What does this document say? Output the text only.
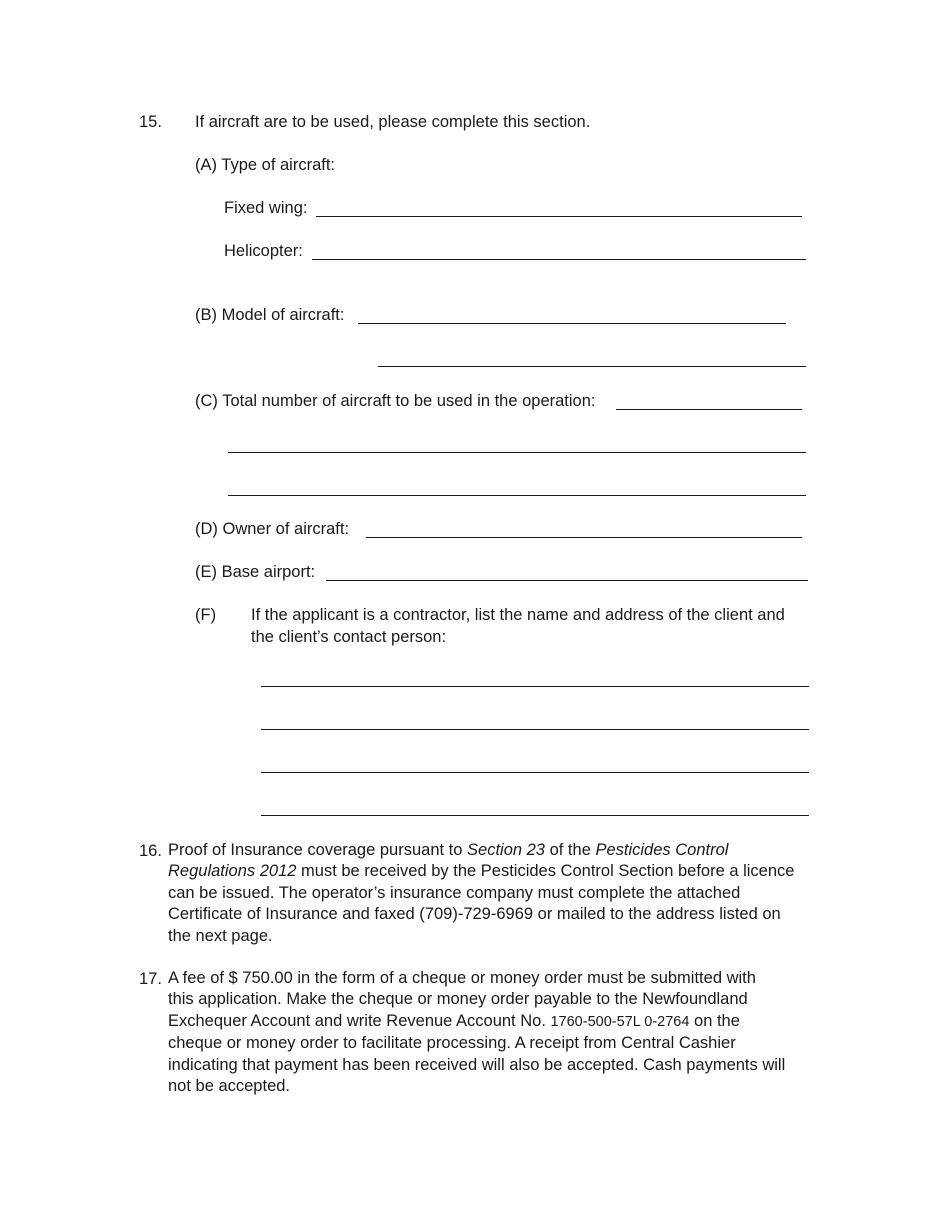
15. If aircraft are to be used, please complete this section.
(A) Type of aircraft:
Fixed wing:
Helicopter:
(B) Model of aircraft:
(C) Total number of aircraft to be used in the operation:
(D) Owner of aircraft:
(E) Base airport:
(F) If the applicant is a contractor, list the name and address of the client and
the client’s contact person:
16. Proof of Insurance coverage pursuant to Section 23 of the Pesticides Control
Regulations 2012 must be received by the Pesticides Control Section before a licence
can be issued. The operator’s insurance company must complete the attached
Certificate of Insurance and faxed (709)-729-6969 or mailed to the address listed on
the next page.
17. A fee of $ 750.00 in the form of a cheque or money order must be submitted with
this application. Make the cheque or money order payable to the Newfoundland
Exchequer Account and write Revenue Account No. 1760-500-57L 0-2764 on the
cheque or money order to facilitate processing. A receipt from Central Cashier
indicating that payment has been received will also be accepted. Cash payments will
not be accepted.
